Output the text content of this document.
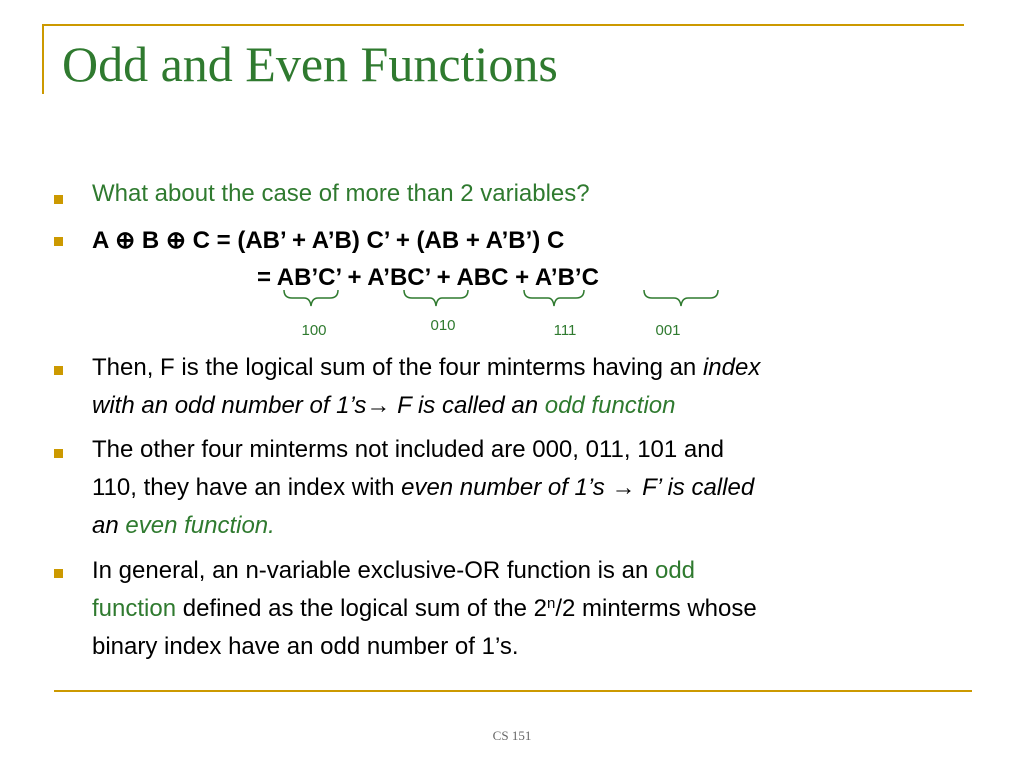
Odd and Even Functions
What about the case of more than 2 variables?
A ⊕ B ⊕ C = (AB’ + A’B) C’ + (AB + A’B’) C
= AB’C’ + A’BC’ + ABC + A’B’C
100	010	111	001
Then, F is the logical sum of the four minterms having an index
with an odd number of 1’s→ F is called an odd function
The other four minterms not included are 000, 011, 101 and
110, they have an index with even number of 1’s → F’ is called
an even function.
In general, an n-variable exclusive-OR function is an odd
function defined as the logical sum of the 2$^n$/2 minterms whose
binary index have an odd number of 1’s.
CS 151
